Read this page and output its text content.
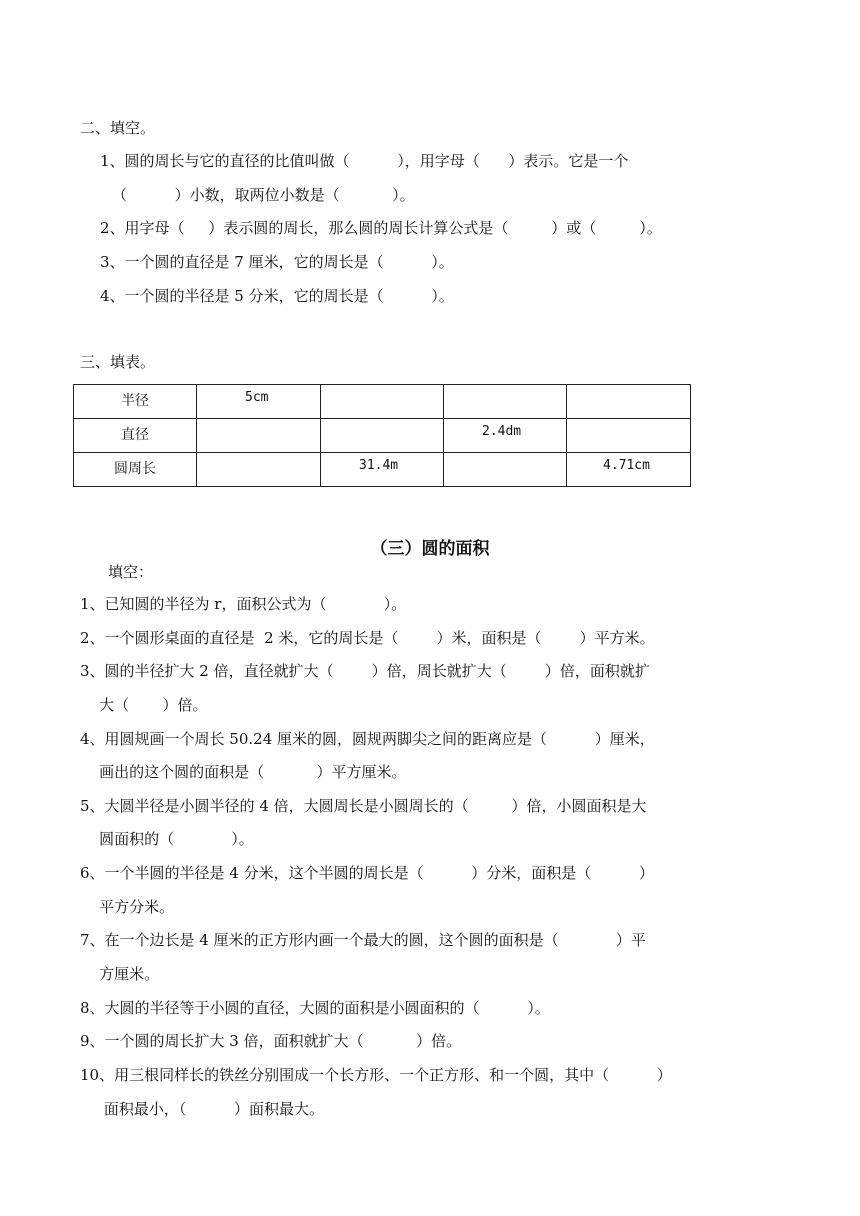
二、填空。
1、圆的周长与它的直径的比值叫做（          ），用字母（      ）表示。它是一个
（          ）小数，取两位小数是（           ）。
2、用字母（     ）表示圆的周长，那么圆的周长计算公式是（         ）或（         ）。
3、一个圆的直径是 7 厘米，它的周长是（          ）。
4、一个圆的半径是 5 分米，它的周长是（          ）。
三、填表。
半径	5cm			

直径			2.4dm	

圆周长		31.4m		4.71cm
（三）圆的面积
填空：
1、已知圆的半径为 r，面积公式为（            ）。
2、一个圆形桌面的直径是  2 米，它的周长是（        ）米，面积是（        ）平方米。
3、圆的半径扩大 2 倍，直径就扩大（        ）倍，周长就扩大（        ）倍，面积就扩
大（       ）倍。
4、用圆规画一个周长 50.24 厘米的圆，圆规两脚尖之间的距离应是（          ）厘米，
画出的这个圆的面积是（           ）平方厘米。
5、大圆半径是小圆半径的 4 倍，大圆周长是小圆周长的（         ）倍，小圆面积是大
圆面积的（            ）。
6、一个半圆的半径是 4 分米，这个半圆的周长是（          ）分米，面积是（          ）
平方分米。
7、在一个边长是 4 厘米的正方形内画一个最大的圆，这个圆的面积是（            ）平
方厘米。
8、大圆的半径等于小圆的直径，大圆的面积是小圆面积的（          ）。
9、一个圆的周长扩大 3 倍，面积就扩大（           ）倍。
10、用三根同样长的铁丝分别围成一个长方形、一个正方形、和一个圆，其中（          ）
面积最小，（          ）面积最大。
